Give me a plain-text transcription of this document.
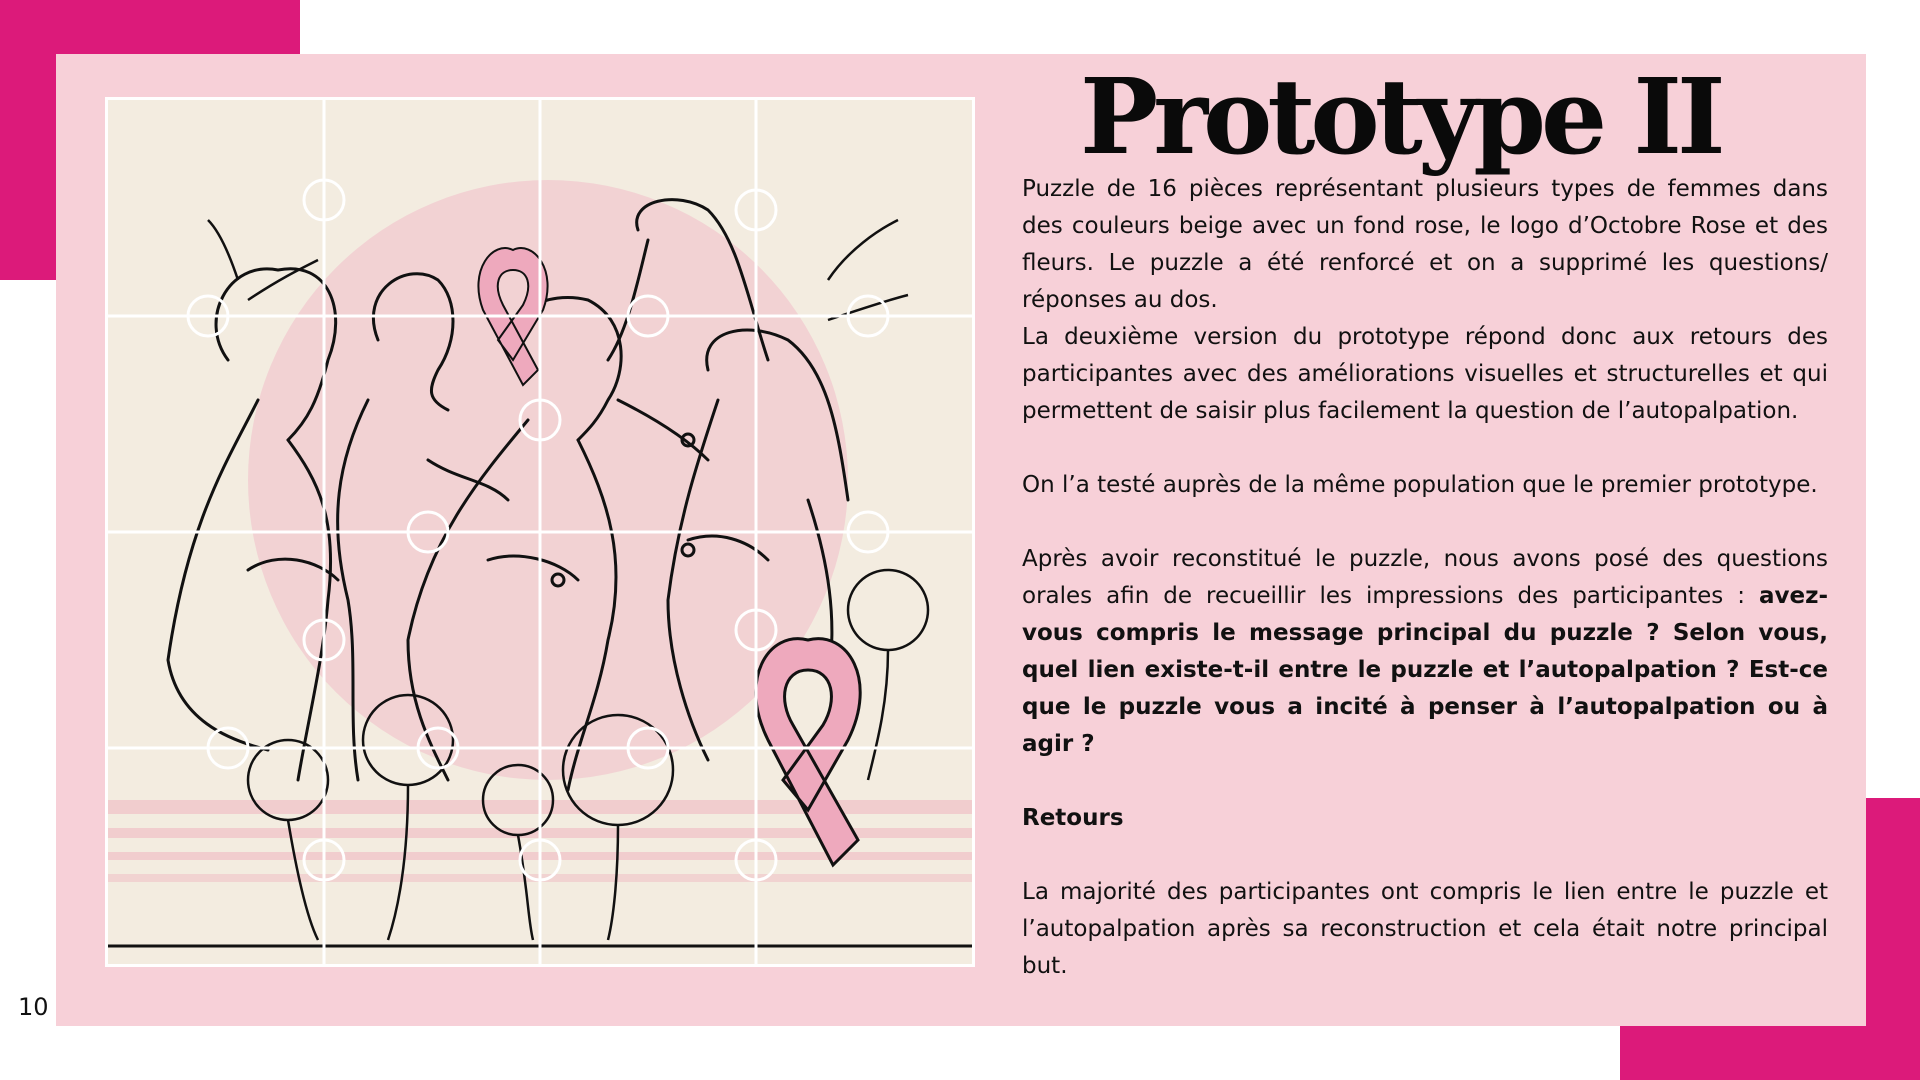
10
Prototype II

Puzzle de 16 pièces représentant plusieurs types de femmes dans des couleurs beige avec un fond rose, le logo d’Octobre Rose et des fleurs. Le puzzle a été renforcé et on a supprimé les questions/ réponses au dos.

La deuxième version du prototype répond donc aux retours des participantes avec des améliorations visuelles et structurelles et qui permettent de saisir plus facilement la question de l’autopalpation.

On l’a testé auprès de la même population que le premier prototype.

Après avoir reconstitué le puzzle, nous avons posé des questions orales afin de recueillir les impressions des participantes : avez-vous compris le message principal du puzzle ? Selon vous, quel lien existe-t-il entre le puzzle et l’autopalpation ? Est-ce que le puzzle vous a incité à penser à l’autopalpation ou à agir ?

Retours

La majorité des participantes ont compris le lien entre le puzzle et l’autopalpation après sa reconstruction et cela était notre principal but.
